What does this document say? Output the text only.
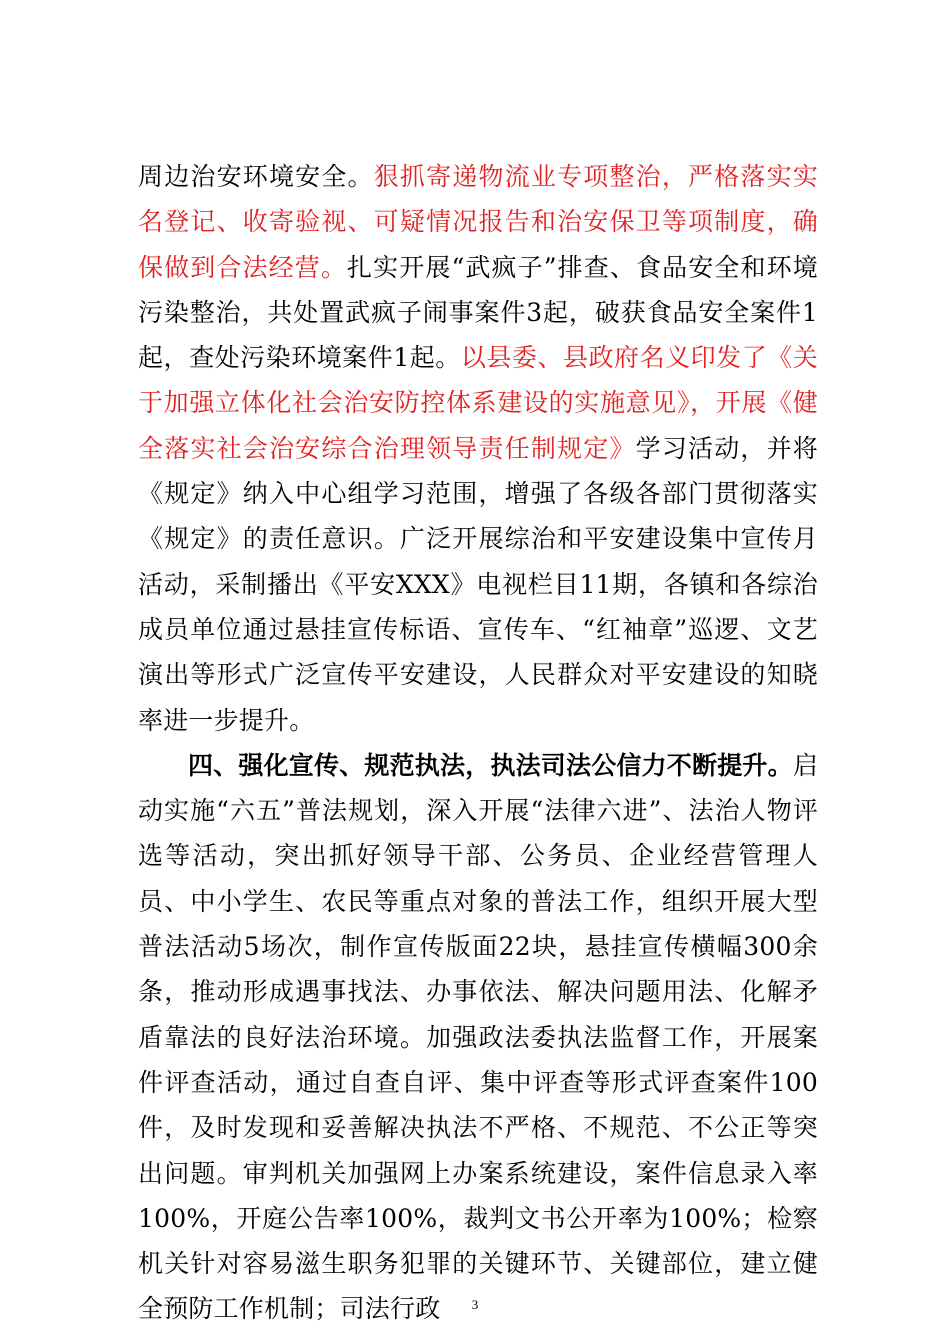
周边治安环境安全。狠抓寄递物流业专项整治，严格落实实名登记、收寄验视、可疑情况报告和治安保卫等项制度，确保做到合法经营。扎实开展“武疯子”排查、食品安全和环境污染整治，共处置武疯子闹事案件3起，破获食品安全案件1起，查处污染环境案件1起。以县委、县政府名义印发了《关于加强立体化社会治安防控体系建设的实施意见》，开展《健全落实社会治安综合治理领导责任制规定》学习活动，并将《规定》纳入中心组学习范围，增强了各级各部门贯彻落实《规定》的责任意识。广泛开展综治和平安建设集中宣传月活动，采制播出《平安XXX》电视栏目11期，各镇和各综治成员单位通过悬挂宣传标语、宣传车、“红袖章”巡逻、文艺演出等形式广泛宣传平安建设，人民群众对平安建设的知晓率进一步提升。

四、强化宣传、规范执法，执法司法公信力不断提升。启动实施“六五”普法规划，深入开展“法律六进”、法治人物评选等活动，突出抓好领导干部、公务员、企业经营管理人员、中小学生、农民等重点对象的普法工作，组织开展大型普法活动5场次，制作宣传版面22块，悬挂宣传横幅300余条，推动形成遇事找法、办事依法、解决问题用法、化解矛盾靠法的良好法治环境。加强政法委执法监督工作，开展案件评查活动，通过自查自评、集中评查等形式评查案件100件，及时发现和妥善解决执法不严格、不规范、不公正等突出问题。审判机关加强网上办案系统建设，案件信息录入率100%，开庭公告率100%，裁判文书公开率为100%；检察机关针对容易滋生职务犯罪的关键环节、关键部位，建立健全预防工作机制；司法行政	3
